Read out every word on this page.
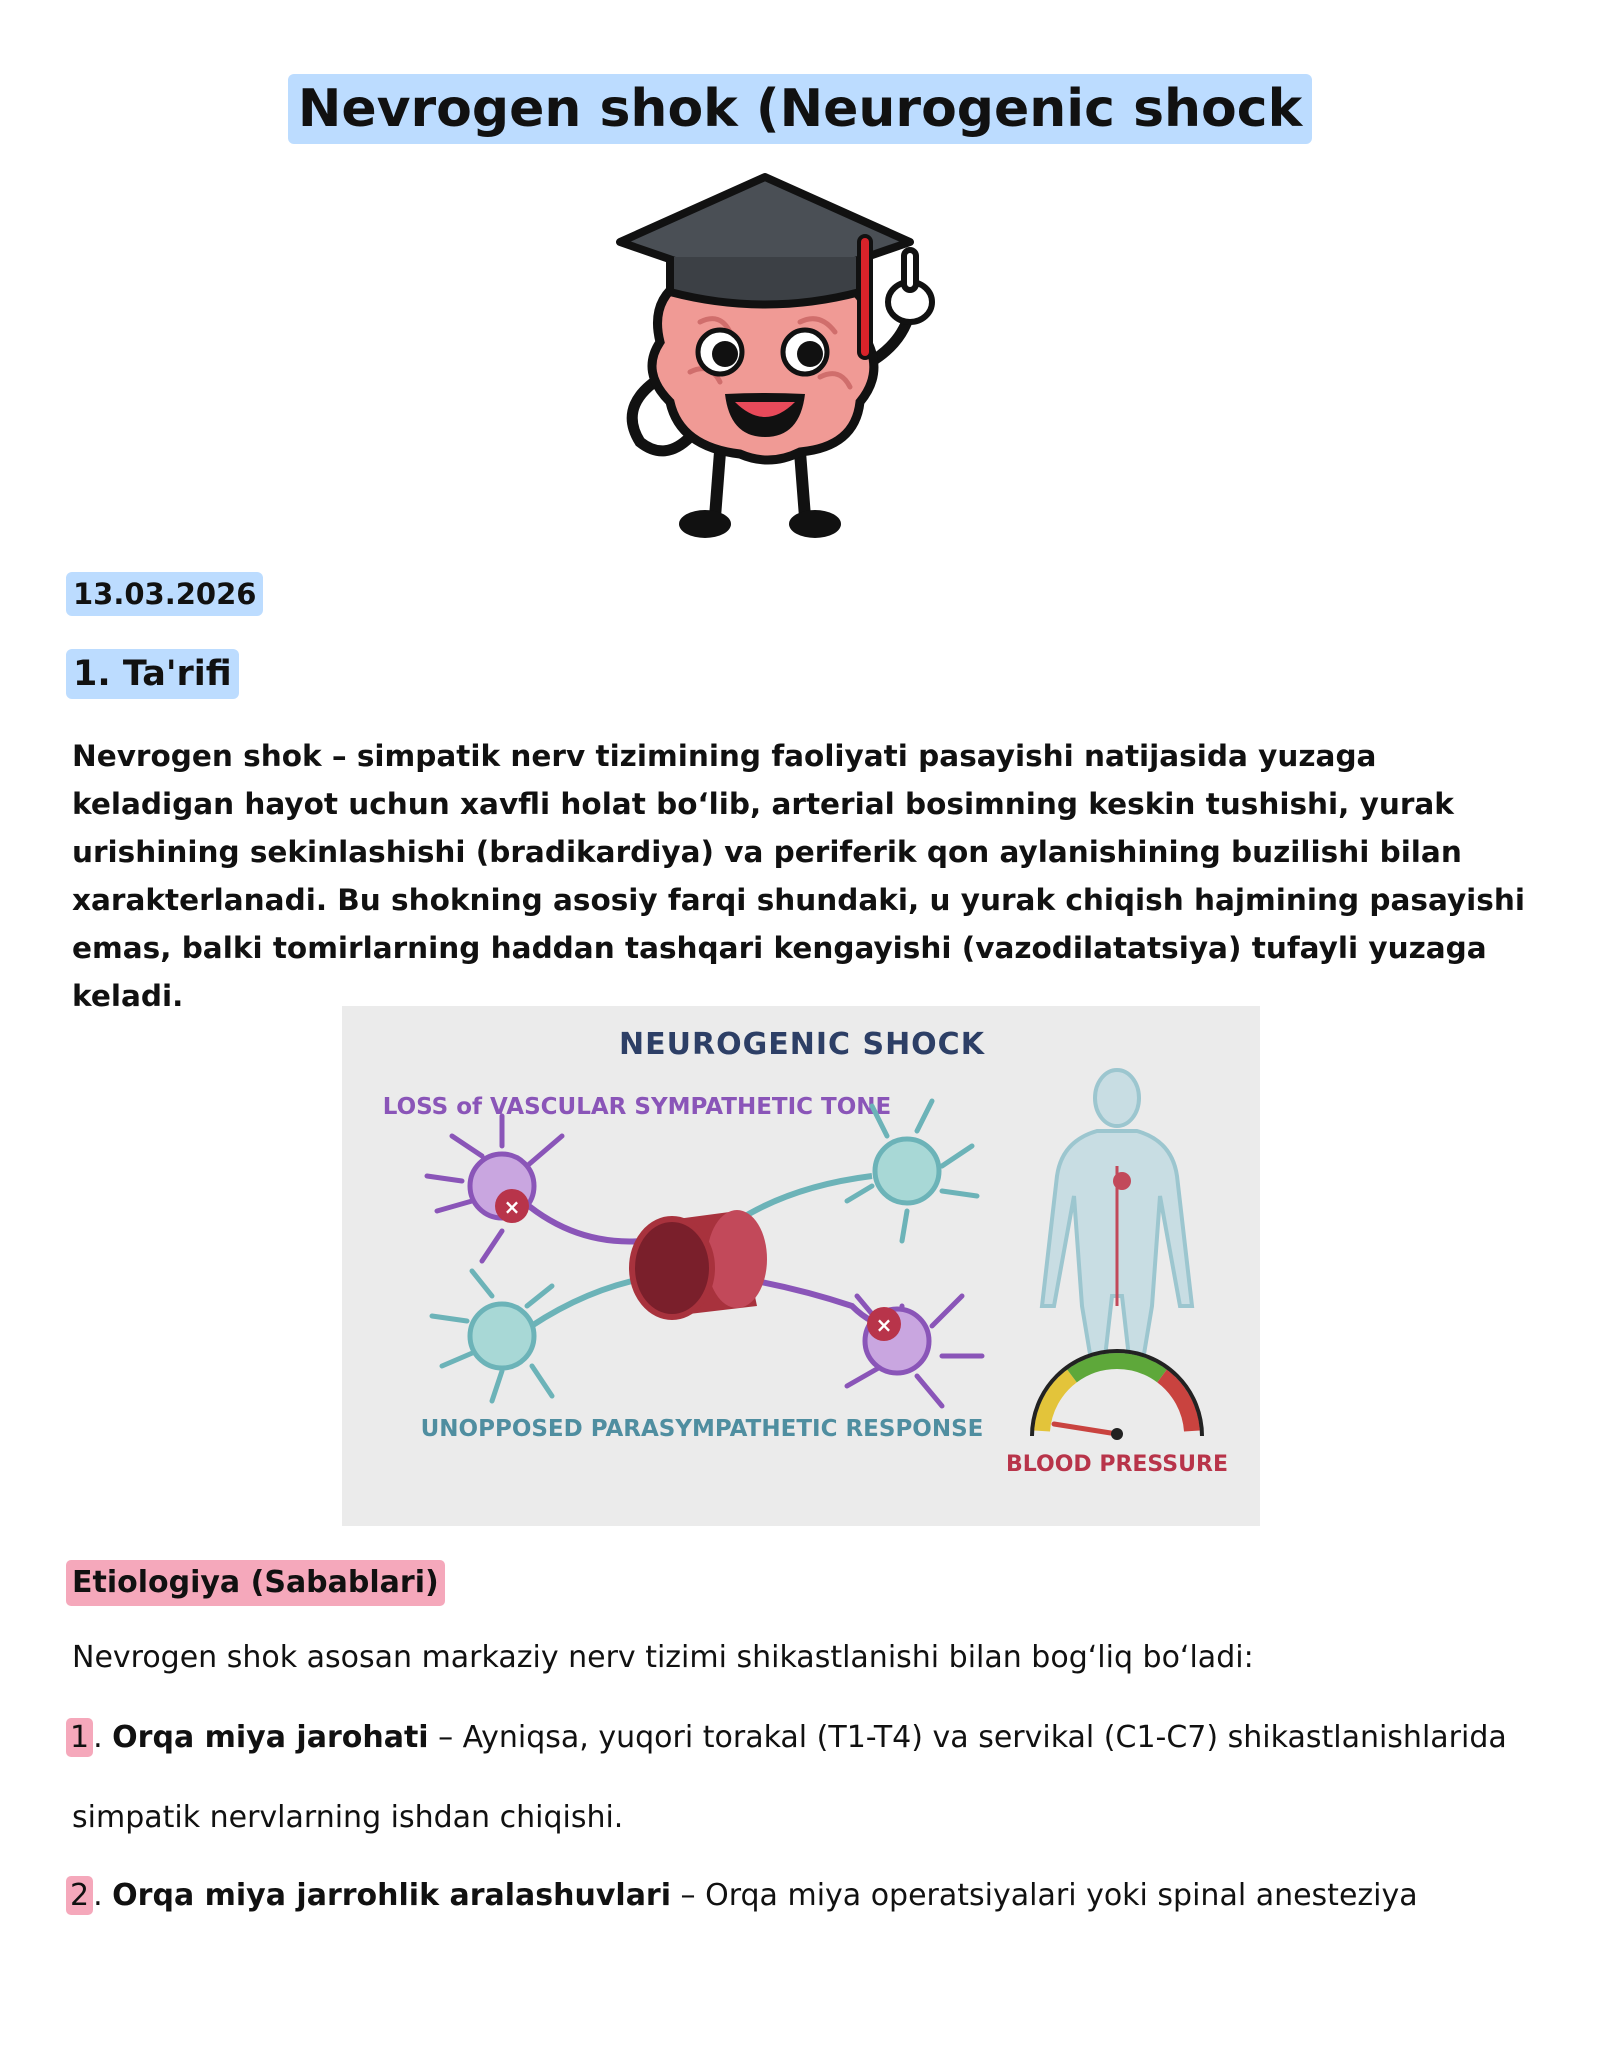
Nevrogen shok (Neurogenic shock
13.03.2026
1. Ta'rifi

Nevrogen shok – simpatik nerv tizimining faoliyati pasayishi natijasida yuzaga keladigan hayot uchun xavfli holat boʻlib, arterial bosimning keskin tushishi, yurak urishining sekinlashishi (bradikardiya) va periferik qon aylanishining buzilishi bilan xarakterlanadi. Bu shokning asosiy farqi shundaki, u yurak chiqish hajmining pasayishi emas, balki tomirlarning haddan tashqari kengayishi (vazodilatatsiya) tufayli yuzaga keladi.

NEUROGENIC SHOCK
LOSS of VASCULAR SYMPATHETIC TONE
×
×
UNOPPOSED PARASYMPATHETIC RESPONSE
BLOOD PRESSURE
Etiologiya (Sabablari)

Nevrogen shok asosan markaziy nerv tizimi shikastlanishi bilan bogʻliq boʻladi:

1 . Orqa miya jarohati – Ayniqsa, yuqori torakal (T1-T4) va servikal (C1-C7) shikastlanishlarida

simpatik nervlarning ishdan chiqishi.

2 . Orqa miya jarrohlik aralashuvlari – Orqa miya operatsiyalari yoki spinal anesteziya
